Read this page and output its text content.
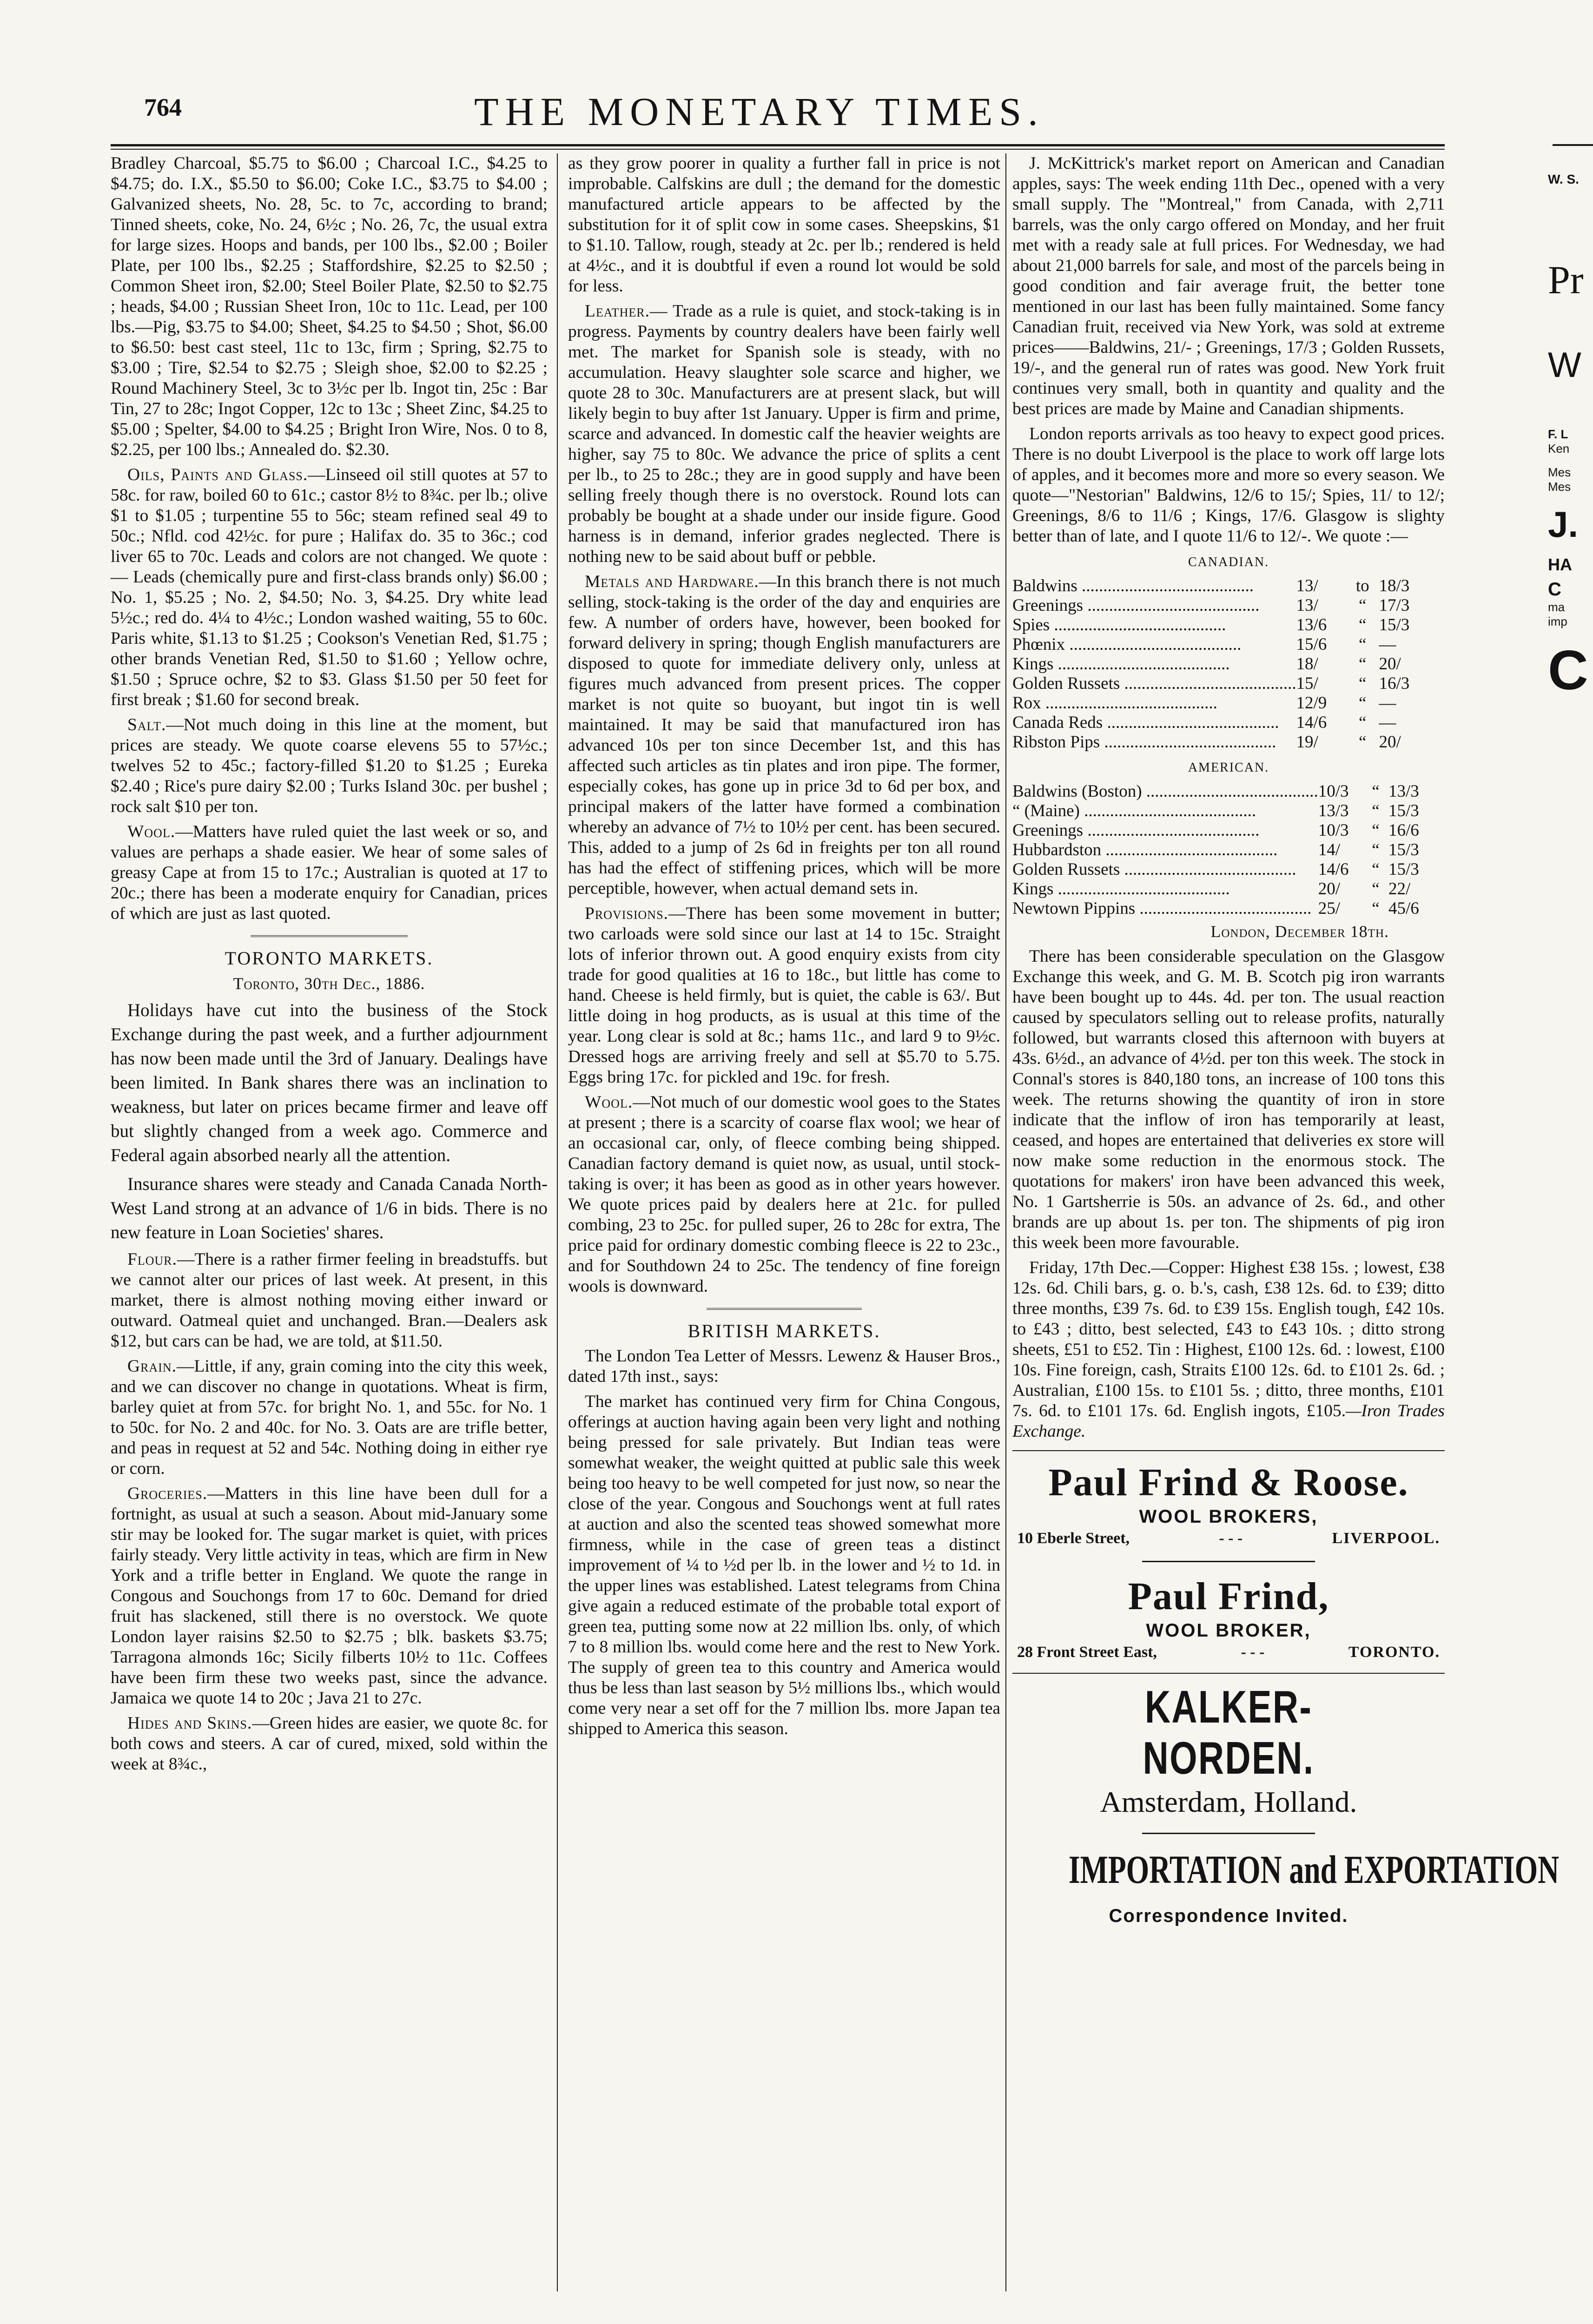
764	THE MONETARY TIMES.

Bradley Charcoal, $5.75 to $6.00 ; Charcoal I.C., $4.25 to $4.75; do. I.X., $5.50 to $6.00; Coke I.C., $3.75 to $4.00 ; Galvanized sheets, No. 28, 5c. to 7c, according to brand; Tinned sheets, coke, No. 24, 6½c ; No. 26, 7c, the usual extra for large sizes. Hoops and bands, per 100 lbs., $2.00 ; Boiler Plate, per 100 lbs., $2.25 ; Staffordshire, $2.25 to $2.50 ; Common Sheet iron, $2.00; Steel Boiler Plate, $2.50 to $2.75 ; heads, $4.00 ; Russian Sheet Iron, 10c to 11c. Lead, per 100 lbs.—Pig, $3.75 to $4.00; Sheet, $4.25 to $4.50 ; Shot, $6.00 to $6.50: best cast steel, 11c to 13c, firm ; Spring, $2.75 to $3.00 ; Tire, $2.54 to $2.75 ; Sleigh shoe, $2.00 to $2.25 ; Round Machinery Steel, 3c to 3½c per lb. Ingot tin, 25c : Bar Tin, 27 to 28c; Ingot Copper, 12c to 13c ; Sheet Zinc, $4.25 to $5.00 ; Spelter, $4.00 to $4.25 ; Bright Iron Wire, Nos. 0 to 8, $2.25, per 100 lbs.; Annealed do. $2.30.

Oils, Paints and Glass.—Linseed oil still quotes at 57 to 58c. for raw, boiled 60 to 61c.; castor 8½ to 8¾c. per lb.; olive $1 to $1.05 ; turpentine 55 to 56c; steam refined seal 49 to 50c.; Nfld. cod 42½c. for pure ; Halifax do. 35 to 36c.; cod liver 65 to 70c. Leads and colors are not changed. We quote :— Leads (chemically pure and first-class brands only) $6.00 ; No. 1, $5.25 ; No. 2, $4.50; No. 3, $4.25. Dry white lead 5½c.; red do. 4¼ to 4½c.; London washed waiting, 55 to 60c. Paris white, $1.13 to $1.25 ; Cookson's Venetian Red, $1.75 ; other brands Venetian Red, $1.50 to $1.60 ; Yellow ochre, $1.50 ; Spruce ochre, $2 to $3. Glass $1.50 per 50 feet for first break ; $1.60 for second break.

Salt.—Not much doing in this line at the moment, but prices are steady. We quote coarse elevens 55 to 57½c.; twelves 52 to 45c.; factory-filled $1.20 to $1.25 ; Eureka $2.40 ; Rice's pure dairy $2.00 ; Turks Island 30c. per bushel ; rock salt $10 per ton.

Wool.—Matters have ruled quiet the last week or so, and values are perhaps a shade easier. We hear of some sales of greasy Cape at from 15 to 17c.; Australian is quoted at 17 to 20c.; there has been a moderate enquiry for Canadian, prices of which are just as last quoted.

TORONTO MARKETS.

Toronto, 30th Dec., 1886.

Holidays have cut into the business of the Stock Exchange during the past week, and a further adjournment has now been made until the 3rd of January. Dealings have been limited. In Bank shares there was an inclination to weakness, but later on prices became firmer and leave off but slightly changed from a week ago. Commerce and Federal again absorbed nearly all the attention.

Insurance shares were steady and Canada Canada North-West Land strong at an advance of 1/6 in bids. There is no new feature in Loan Societies' shares.

Flour.—There is a rather firmer feeling in breadstuffs. but we cannot alter our prices of last week. At present, in this market, there is almost nothing moving either inward or outward. Oatmeal quiet and unchanged. Bran.—Dealers ask $12, but cars can be had, we are told, at $11.50.

Grain.—Little, if any, grain coming into the city this week, and we can discover no change in quotations. Wheat is firm, barley quiet at from 57c. for bright No. 1, and 55c. for No. 1 to 50c. for No. 2 and 40c. for No. 3. Oats are are trifle better, and peas in request at 52 and 54c. Nothing doing in either rye or corn.

Groceries.—Matters in this line have been dull for a fortnight, as usual at such a season. About mid-January some stir may be looked for. The sugar market is quiet, with prices fairly steady. Very little activity in teas, which are firm in New York and a trifle better in England. We quote the range in Congous and Souchongs from 17 to 60c. Demand for dried fruit has slackened, still there is no overstock. We quote London layer raisins $2.50 to $2.75 ; blk. baskets $3.75; Tarragona almonds 16c; Sicily filberts 10½ to 11c. Coffees have been firm these two weeks past, since the advance. Jamaica we quote 14 to 20c ; Java 21 to 27c.

Hides and Skins.—Green hides are easier, we quote 8c. for both cows and steers. A car of cured, mixed, sold within the week at 8¾c.,

as they grow poorer in quality a further fall in price is not improbable. Calfskins are dull ; the demand for the domestic manufactured article appears to be affected by the substitution for it of split cow in some cases. Sheepskins, $1 to $1.10. Tallow, rough, steady at 2c. per lb.; rendered is held at 4½c., and it is doubtful if even a round lot would be sold for less.

Leather.— Trade as a rule is quiet, and stock-taking is in progress. Payments by country dealers have been fairly well met. The market for Spanish sole is steady, with no accumulation. Heavy slaughter sole scarce and higher, we quote 28 to 30c. Manufacturers are at present slack, but will likely begin to buy after 1st January. Upper is firm and prime, scarce and advanced. In domestic calf the heavier weights are higher, say 75 to 80c. We advance the price of splits a cent per lb., to 25 to 28c.; they are in good supply and have been selling freely though there is no overstock. Round lots can probably be bought at a shade under our inside figure. Good harness is in demand, inferior grades neglected. There is nothing new to be said about buff or pebble.

Metals and Hardware.—In this branch there is not much selling, stock-taking is the order of the day and enquiries are few. A number of orders have, however, been booked for forward delivery in spring; though English manufacturers are disposed to quote for immediate delivery only, unless at figures much advanced from present prices. The copper market is not quite so buoyant, but ingot tin is well maintained. It may be said that manufactured iron has advanced 10s per ton since December 1st, and this has affected such articles as tin plates and iron pipe. The former, especially cokes, has gone up in price 3d to 6d per box, and principal makers of the latter have formed a combination whereby an advance of 7½ to 10½ per cent. has been secured. This, added to a jump of 2s 6d in freights per ton all round has had the effect of stiffening prices, which will be more perceptible, however, when actual demand sets in.

Provisions.—There has been some movement in butter; two carloads were sold since our last at 14 to 15c. Straight lots of inferior thrown out. A good enquiry exists from city trade for good qualities at 16 to 18c., but little has come to hand. Cheese is held firmly, but is quiet, the cable is 63/. But little doing in hog products, as is usual at this time of the year. Long clear is sold at 8c.; hams 11c., and lard 9 to 9½c. Dressed hogs are arriving freely and sell at $5.70 to 5.75. Eggs bring 17c. for pickled and 19c. for fresh.

Wool.—Not much of our domestic wool goes to the States at present ; there is a scarcity of coarse flax wool; we hear of an occasional car, only, of fleece combing being shipped. Canadian factory demand is quiet now, as usual, until stock-taking is over; it has been as good as in other years however. We quote prices paid by dealers here at 21c. for pulled combing, 23 to 25c. for pulled super, 26 to 28c for extra, The price paid for ordinary domestic combing fleece is 22 to 23c., and for Southdown 24 to 25c. The tendency of fine foreign wools is downward.

BRITISH MARKETS.

The London Tea Letter of Messrs. Lewenz & Hauser Bros., dated 17th inst., says:

The market has continued very firm for China Congous, offerings at auction having again been very light and nothing being pressed for sale privately. But Indian teas were somewhat weaker, the weight quitted at public sale this week being too heavy to be well competed for just now, so near the close of the year. Congous and Souchongs went at full rates at auction and also the scented teas showed somewhat more firmness, while in the case of green teas a distinct improvement of ¼ to ½d per lb. in the lower and ½ to 1d. in the upper lines was established. Latest telegrams from China give again a reduced estimate of the probable total export of green tea, putting some now at 22 million lbs. only, of which 7 to 8 million lbs. would come here and the rest to New York. The supply of green tea to this country and America would thus be less than last season by 5½ millions lbs., which would come very near a set off for the 7 million lbs. more Japan tea shipped to America this season.

J. McKittrick's market report on American and Canadian apples, says: The week ending 11th Dec., opened with a very small supply. The "Montreal," from Canada, with 2,711 barrels, was the only cargo offered on Monday, and her fruit met with a ready sale at full prices. For Wednesday, we had about 21,000 barrels for sale, and most of the parcels being in good condition and fair average fruit, the better tone mentioned in our last has been fully maintained. Some fancy Canadian fruit, received via New York, was sold at extreme prices——Baldwins, 21/- ; Greenings, 17/3 ; Golden Russets, 19/-, and the general run of rates was good. New York fruit continues very small, both in quantity and quality and the best prices are made by Maine and Canadian shipments.

London reports arrivals as too heavy to expect good prices. There is no doubt Liverpool is the place to work off large lots of apples, and it becomes more and more so every season. We quote—"Nestorian" Baldwins, 12/6 to 15/; Spies, 11/ to 12/; Greenings, 8/6 to 11/6 ; Kings, 17/6. Glasgow is slighty better than of late, and I quote 11/6 to 12/-. We quote :—

CANADIAN.
Baldwins ........................................	13/	to	18/3
Greenings ........................................	13/	“	17/3
Spies ........................................	13/6	“	15/3
Phœnix ........................................	15/6	“	—
Kings ........................................	18/	“	20/
Golden Russets ........................................	15/	“	16/3
Rox ........................................	12/9	“	—
Canada Reds ........................................	14/6	“	—
Ribston Pips ........................................	19/	“	20/
AMERICAN.
Baldwins (Boston) ........................................	10/3	“	13/3
“ (Maine) ........................................	13/3	“	15/3
Greenings ........................................	10/3	“	16/6
Hubbardston ........................................	14/	“	15/3
Golden Russets ........................................	14/6	“	15/3
Kings ........................................	20/	“	22/
Newtown Pippins ........................................	25/	“	45/6

London, December 18th.

There has been considerable speculation on the Glasgow Exchange this week, and G. M. B. Scotch pig iron warrants have been bought up to 44s. 4d. per ton. The usual reaction caused by speculators selling out to release profits, naturally followed, but warrants closed this afternoon with buyers at 43s. 6½d., an advance of 4½d. per ton this week. The stock in Connal's stores is 840,180 tons, an increase of 100 tons this week. The returns showing the quantity of iron in store indicate that the inflow of iron has temporarily at least, ceased, and hopes are entertained that deliveries ex store will now make some reduction in the enormous stock. The quotations for makers' iron have been advanced this week, No. 1 Gartsherrie is 50s. an advance of 2s. 6d., and other brands are up about 1s. per ton. The shipments of pig iron this week been more favourable.

Friday, 17th Dec.—Copper: Highest £38 15s. ; lowest, £38 12s. 6d. Chili bars, g. o. b.'s, cash, £38 12s. 6d. to £39; ditto three months, £39 7s. 6d. to £39 15s. English tough, £42 10s. to £43 ; ditto, best selected, £43 to £43 10s. ; ditto strong sheets, £51 to £52. Tin : Highest, £100 12s. 6d. : lowest, £100 10s. Fine foreign, cash, Straits £100 12s. 6d. to £101 2s. 6d. ; Australian, £100 15s. to £101 5s. ; ditto, three months, £101 7s. 6d. to £101 17s. 6d. English ingots, £105.—Iron Trades Exchange.

Paul Frind & Roose.
WOOL BROKERS,
10 Eberle Street,	- - -	LIVERPOOL.
Paul Frind,
WOOL BROKER,
28 Front Street East,	- - -	TORONTO.
KALKER-NORDEN.
Amsterdam, Holland.
IMPORTATION and EXPORTATION
Correspondence Invited.
W. S.
Pr
W
F. L
Ken
Mes
Mes
J.
HA
C
ma
imp
C
